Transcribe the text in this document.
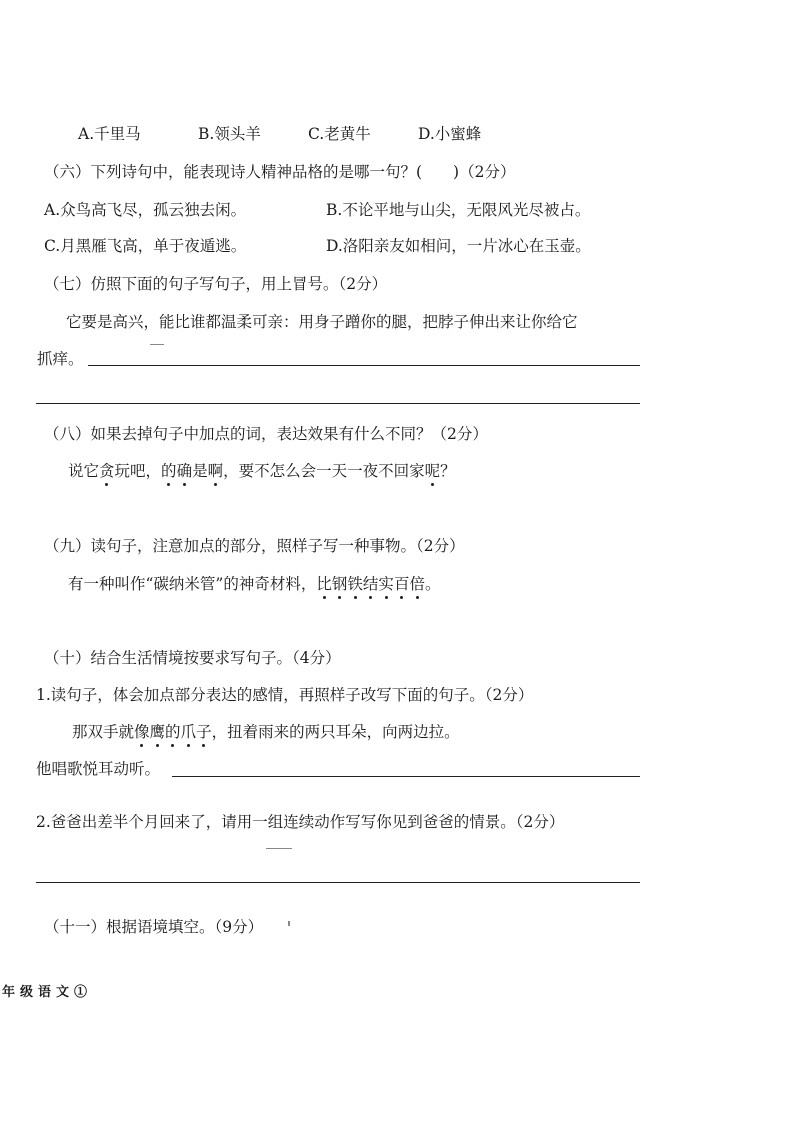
A.千里马	B.领头羊	C.老黄牛	D.小蜜蜂
（六）下列诗句中，能表现诗人精神品格的是哪一句？(　　)（2分）
A.众鸟高飞尽，孤云独去闲。	B.不论平地与山尖，无限风光尽被占。
C.月黑雁飞高，单于夜遁逃。	D.洛阳亲友如相问，一片冰心在玉壶。
（七）仿照下面的句子写句子，用上冒号。（2分）
它要是高兴，能比谁都温柔可亲：用身子蹭你的腿，把脖子伸出来让你给它
抓痒。
（八）如果去掉句子中加点的词，表达效果有什么不同？（2分）
说它贪玩吧，的确是啊，要不怎么会一天一夜不回家呢？
（九）读句子，注意加点的部分，照样子写一种事物。（2分）
有一种叫作“碳纳米管”的神奇材料，比钢铁结实百倍。
（十）结合生活情境按要求写句子。（4分）
1.读句子，体会加点部分表达的感情，再照样子改写下面的句子。（2分）
那双手就像鹰的爪子，扭着雨来的两只耳朵，向两边拉。
他唱歌悦耳动听。
2.爸爸出差半个月回来了，请用一组连续动作写写你见到爸爸的情景。（2分）
（十一）根据语境填空。（9分）
年级语文①
